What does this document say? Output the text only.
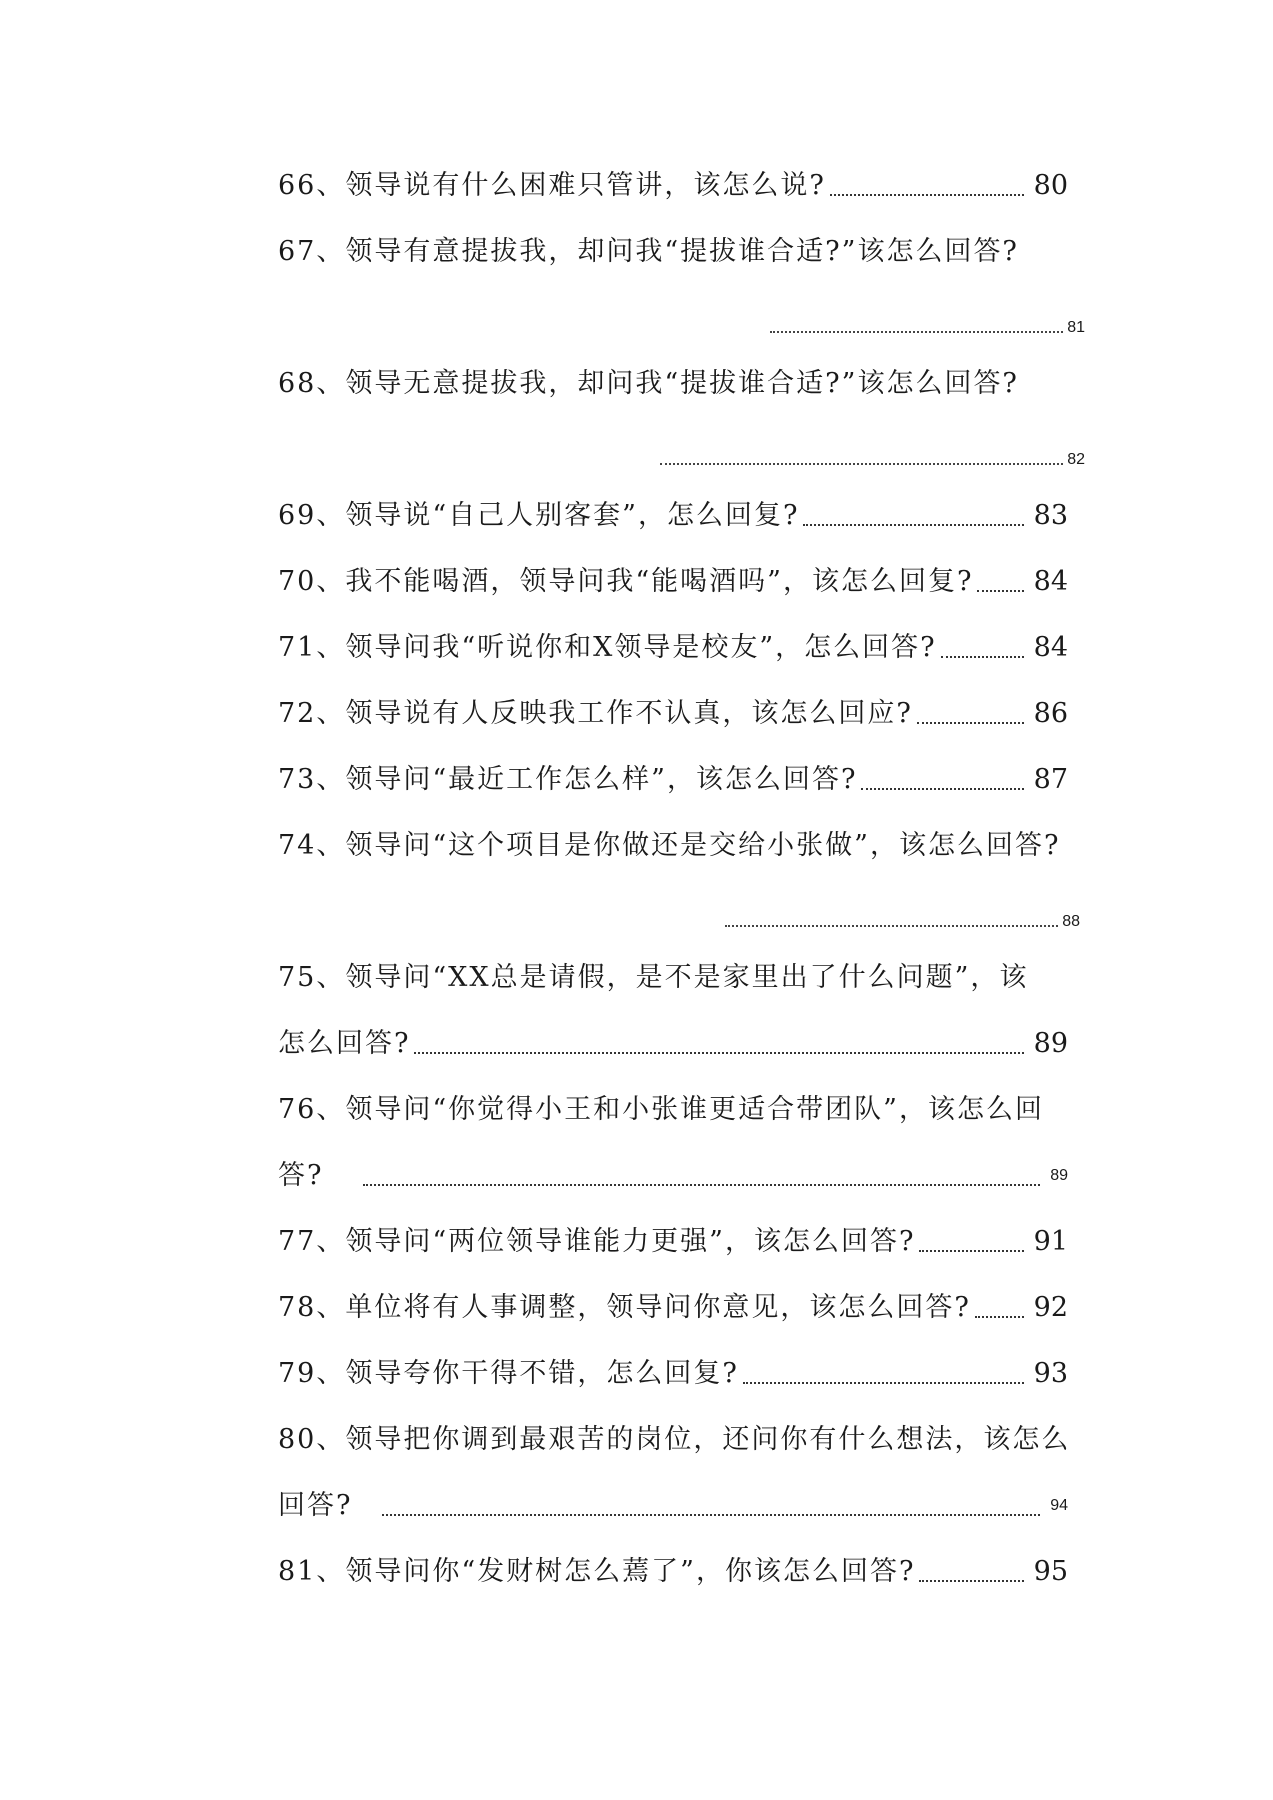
66、领导说有什么困难只管讲，该怎么说?	80
67、领导有意提拔我，却问我“提拔谁合适?”该怎么回答?
81
68、领导无意提拔我，却问我“提拔谁合适?”该怎么回答?
82
69、领导说“自己人别客套”，怎么回复?	83
70、我不能喝酒，领导问我“能喝酒吗”，该怎么回复? 84
71、领导问我“听说你和X领导是校友”，怎么回答?	84
72、领导说有人反映我工作不认真，该怎么回应?	86
73、领导问“最近工作怎么样”，该怎么回答?	87
74、领导问“这个项目是你做还是交给小张做”，该怎么回答?
88
75、领导问“XX总是请假，是不是家里出了什么问题”，该
怎么回答?	89
76、领导问“你觉得小王和小张谁更适合带团队”，该怎么回
答?	89
77、领导问“两位领导谁能力更强”，该怎么回答?	91
78、单位将有人事调整，领导问你意见，该怎么回答? 92
79、领导夸你干得不错，怎么回复?	93
80、领导把你调到最艰苦的岗位，还问你有什么想法，该怎么
回答?	94
81、领导问你“发财树怎么蔫了”，你该怎么回答?	95
